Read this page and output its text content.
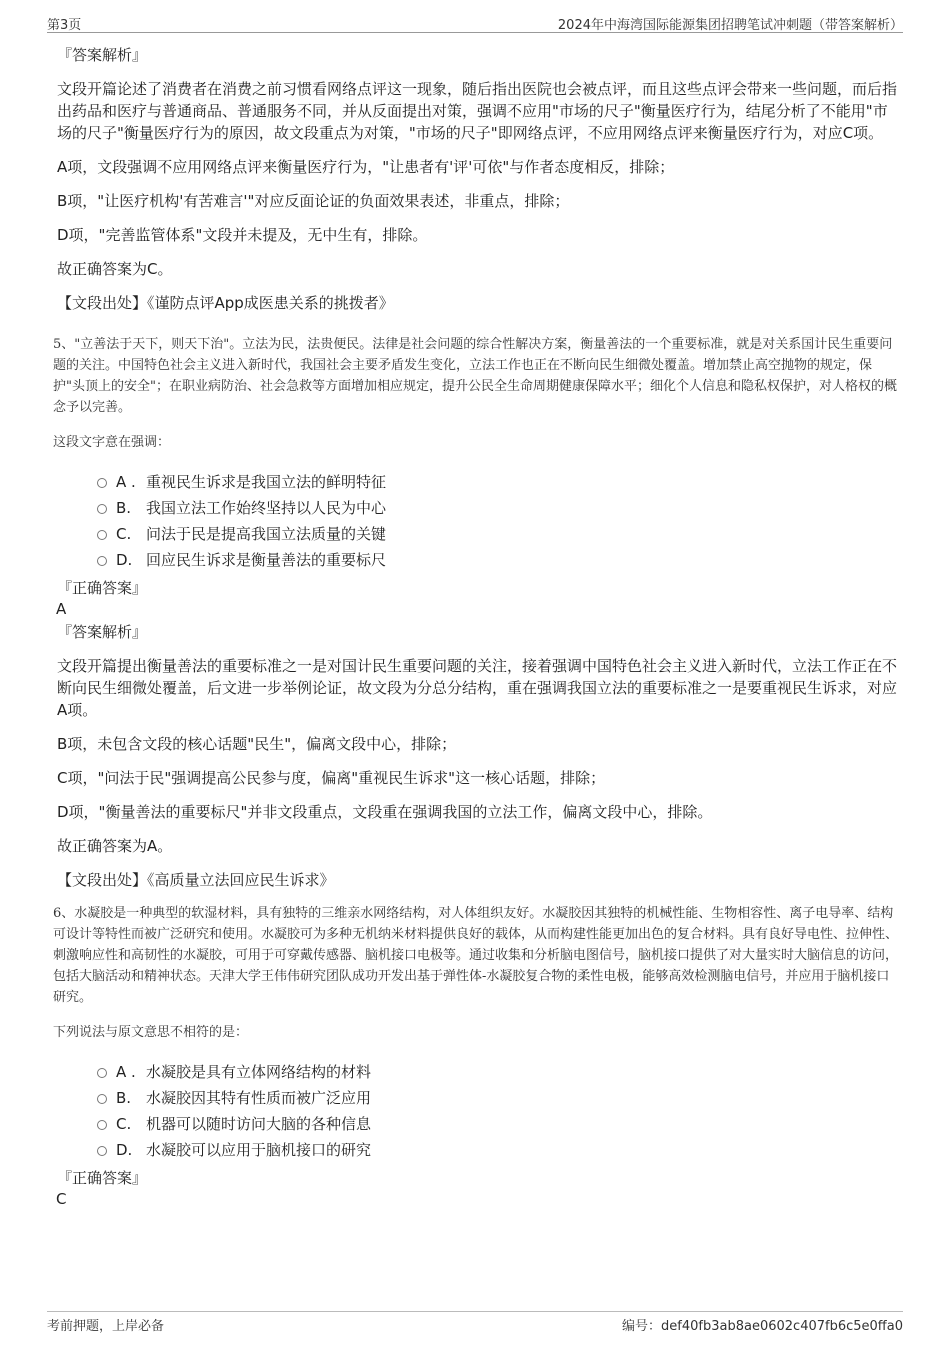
第3页	2024年中海湾国际能源集团招聘笔试冲刺题（带答案解析）

『答案解析』

文段开篇论述了消费者在消费之前习惯看网络点评这一现象，随后指出医院也会被点评，而且这些点评会带来一些问题，而后指出药品和医疗与普通商品、普通服务不同，并从反面提出对策，强调不应用"市场的尺子"衡量医疗行为，结尾分析了不能用"市场的尺子"衡量医疗行为的原因，故文段重点为对策，"市场的尺子"即网络点评，不应用网络点评来衡量医疗行为，对应C项。

A项，文段强调不应用网络点评来衡量医疗行为，"让患者有'评'可依"与作者态度相反，排除；

B项，"让医疗机构'有苦难言'"对应反面论证的负面效果表述，非重点，排除；

D项，"完善监管体系"文段并未提及，无中生有，排除。

故正确答案为C。

【文段出处】《谨防点评App成医患关系的挑拨者》

5、"立善法于天下，则天下治"。立法为民，法贵便民。法律是社会问题的综合性解决方案，衡量善法的一个重要标准，就是对关系国计民生重要问题的关注。中国特色社会主义进入新时代，我国社会主要矛盾发生变化，立法工作也正在不断向民生细微处覆盖。增加禁止高空抛物的规定，保护"头顶上的安全"；在职业病防治、社会急救等方面增加相应规定，提升公民全生命周期健康保障水平；细化个人信息和隐私权保护，对人格权的概念予以完善。

这段文字意在强调：

A . 重视民生诉求是我国立法的鲜明特征
B. 我国立法工作始终坚持以人民为中心
C. 问法于民是提高我国立法质量的关键
D. 回应民生诉求是衡量善法的重要标尺

『正确答案』

A

『答案解析』

文段开篇提出衡量善法的重要标准之一是对国计民生重要问题的关注，接着强调中国特色社会主义进入新时代，立法工作正在不断向民生细微处覆盖，后文进一步举例论证，故文段为分总分结构，重在强调我国立法的重要标准之一是要重视民生诉求，对应A项。

B项，未包含文段的核心话题"民生"，偏离文段中心，排除；

C项，"问法于民"强调提高公民参与度，偏离"重视民生诉求"这一核心话题，排除；

D项，"衡量善法的重要标尺"并非文段重点，文段重在强调我国的立法工作，偏离文段中心，排除。

故正确答案为A。

【文段出处】《高质量立法回应民生诉求》

6、水凝胶是一种典型的软湿材料，具有独特的三维亲水网络结构，对人体组织友好。水凝胶因其独特的机械性能、生物相容性、离子电导率、结构可设计等特性而被广泛研究和使用。水凝胶可为多种无机纳米材料提供良好的载体，从而构建性能更加出色的复合材料。具有良好导电性、拉伸性、刺激响应性和高韧性的水凝胶，可用于可穿戴传感器、脑机接口电极等。通过收集和分析脑电图信号，脑机接口提供了对大量实时大脑信息的访问，包括大脑活动和精神状态。天津大学王伟伟研究团队成功开发出基于弹性体-水凝胶复合物的柔性电极，能够高效检测脑电信号，并应用于脑机接口研究。

下列说法与原文意思不相符的是：

A . 水凝胶是具有立体网络结构的材料
B. 水凝胶因其特有性质而被广泛应用
C. 机器可以随时访问大脑的各种信息
D. 水凝胶可以应用于脑机接口的研究

『正确答案』

C

考前押题，上岸必备	编号：def40fb3ab8ae0602c407fb6c5e0ffa0
